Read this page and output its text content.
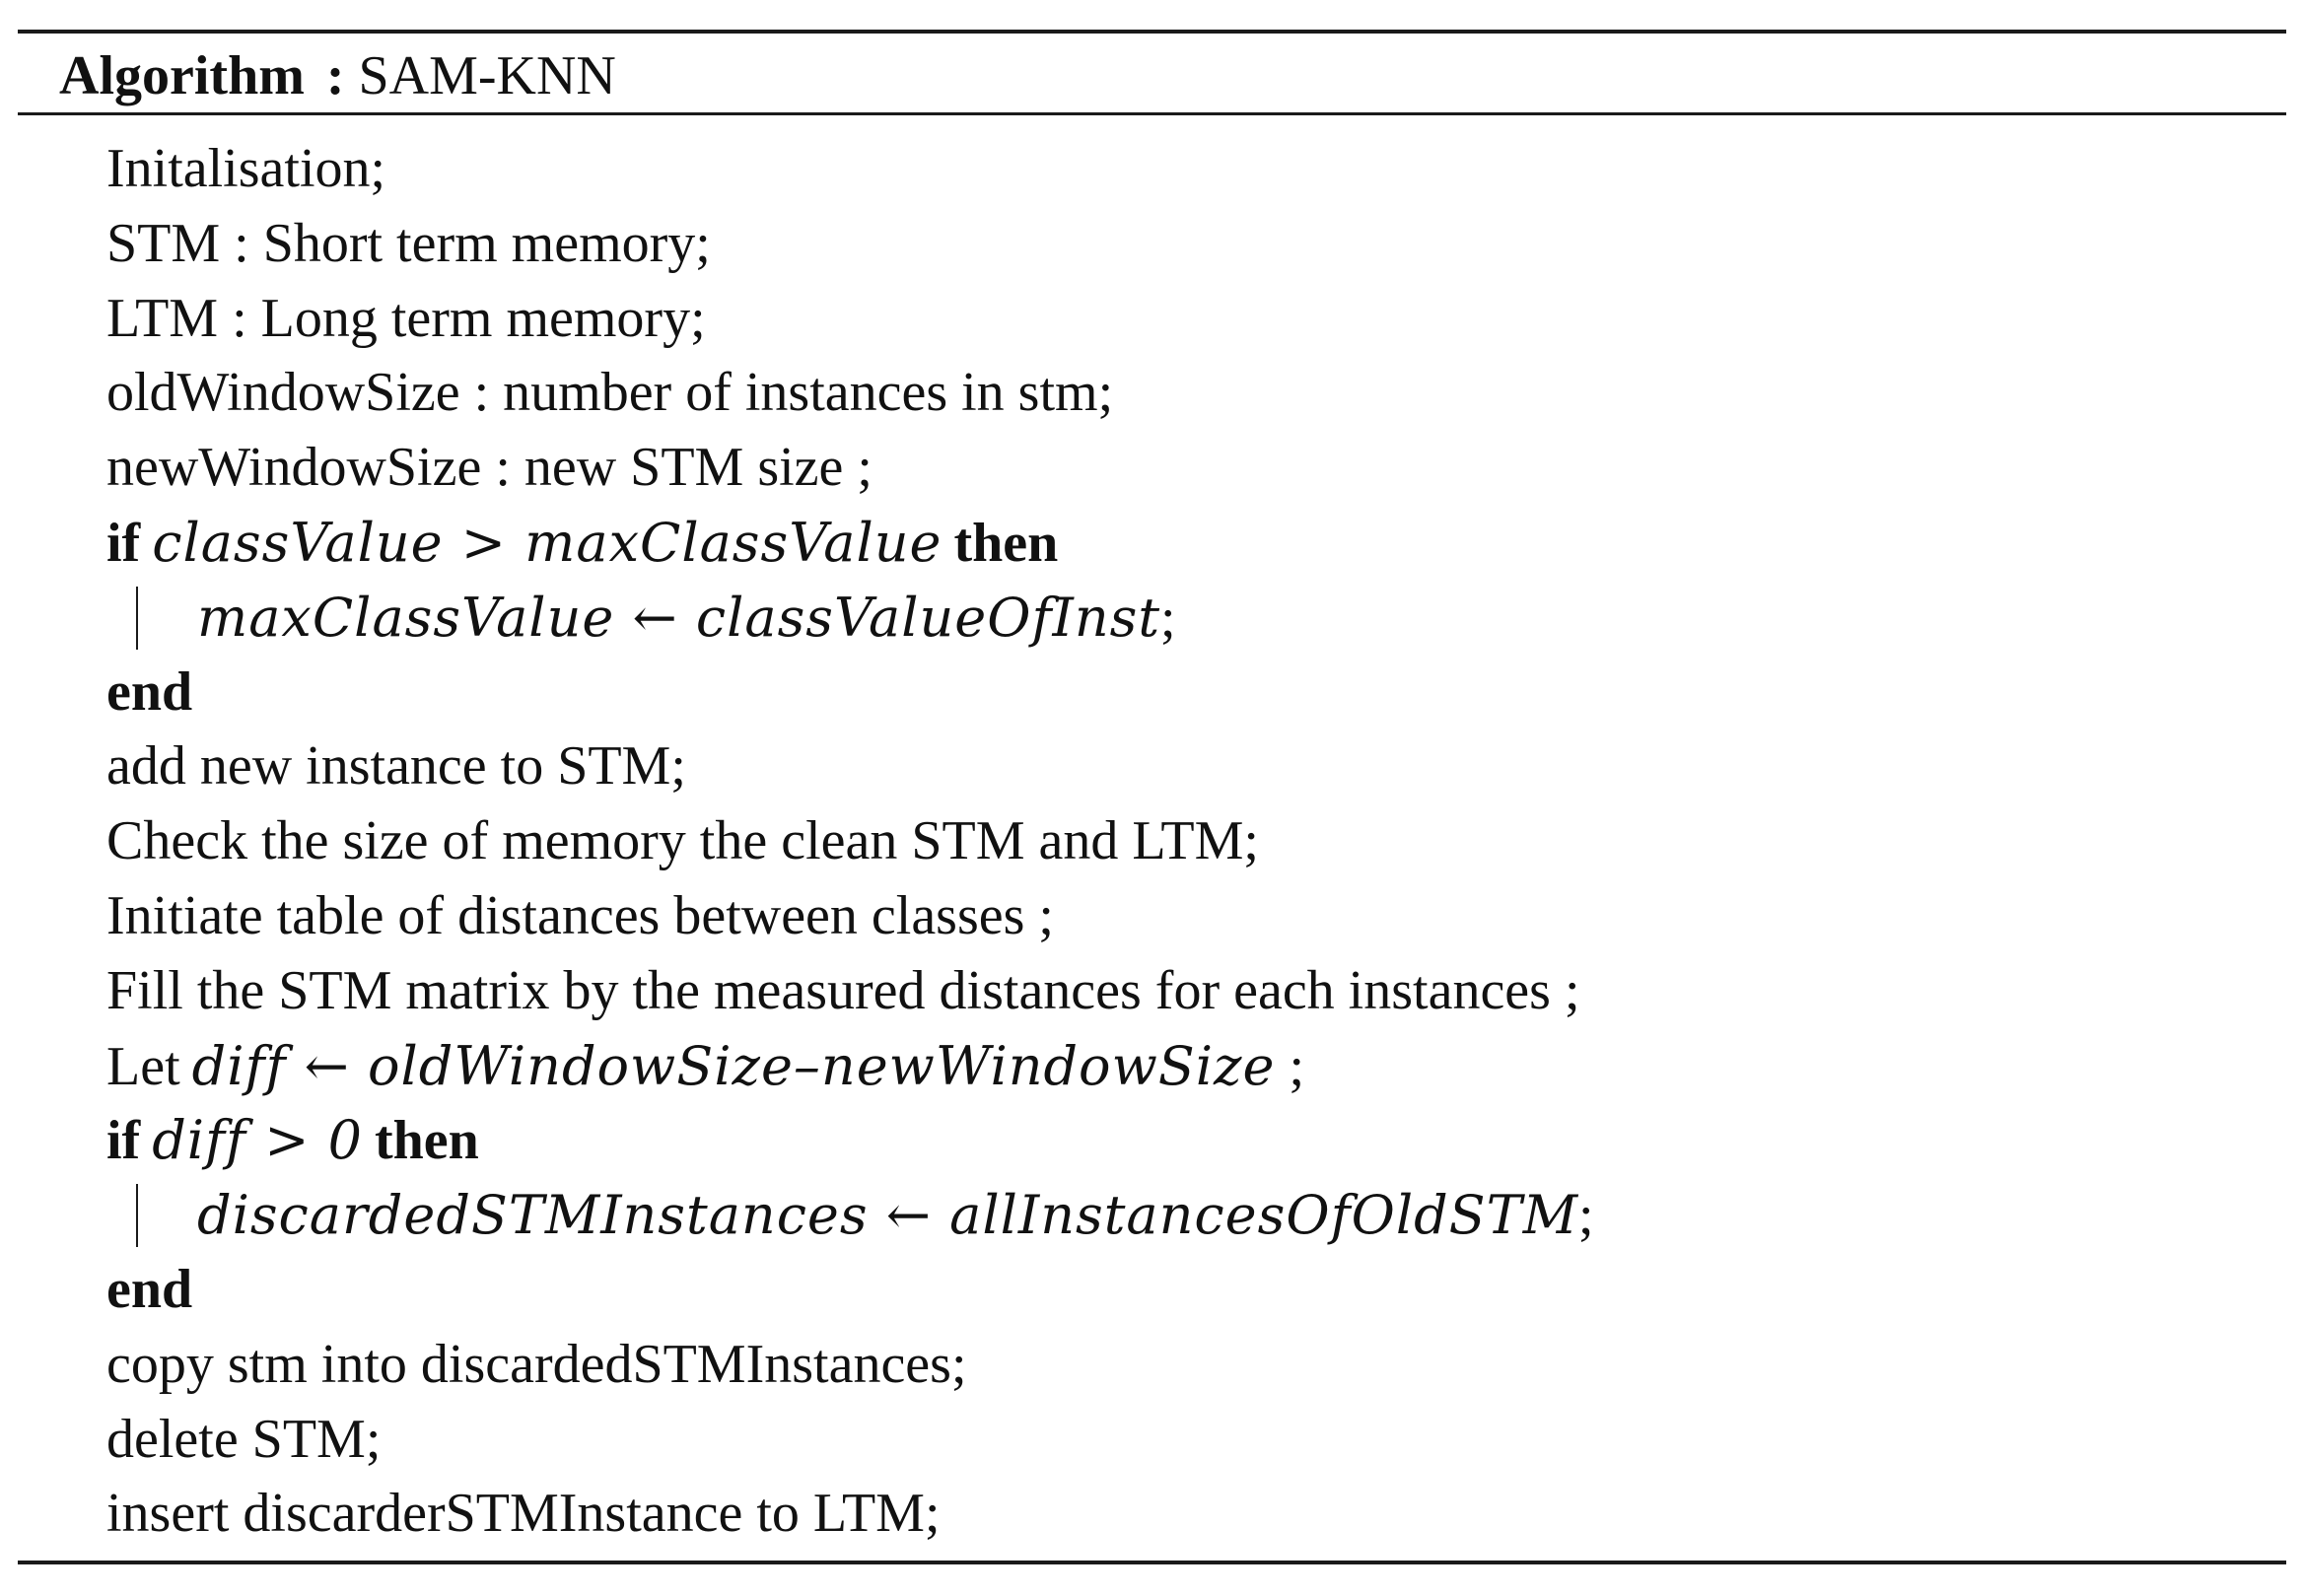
Algorithm : SAM-KNN
Initalisation;
STM : Short term memory;
LTM : Long term memory;
oldWindowSize : number of instances in stm;
newWindowSize : new STM size ;
if classValue > maxClassValue then
maxClassValue ← classValueOfInst;
end
add new instance to STM;
Check the size of memory the clean STM and LTM;
Initiate table of distances between classes ;
Fill the STM matrix by the measured distances for each instances ;
Let diff ← oldWindowSize–newWindowSize ;
if diff > 0 then
discardedSTMInstances ← allInstancesOfOldSTM;
end
copy stm into discardedSTMInstances;
delete STM;
insert discarderSTMInstance to LTM;
